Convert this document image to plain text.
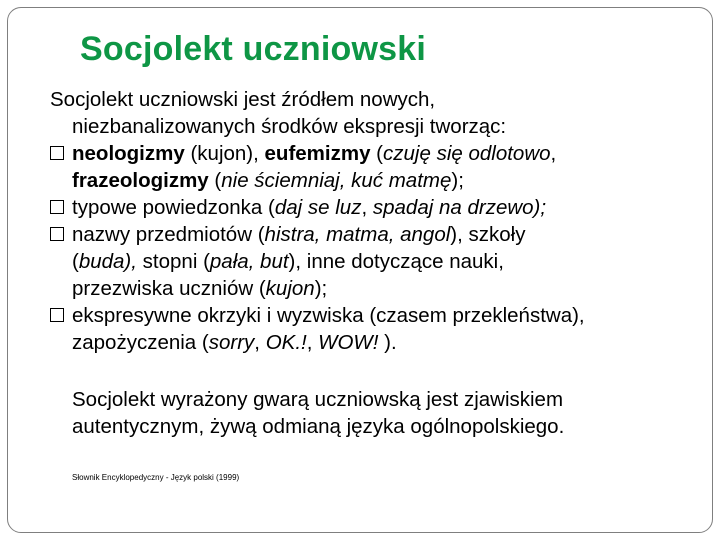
Socjolekt uczniowski
Socjolekt uczniowski jest źródłem nowych,
niezbanalizowanych środków ekspresji tworząc:
neologizmy (kujon), eufemizmy (czuję się odlotowo,
frazeologizmy (nie ściemniaj, kuć matmę);
typowe powiedzonka (daj se luz, spadaj na drzewo);
nazwy przedmiotów (histra, matma, angol), szkoły
(buda), stopni (pała, but), inne dotyczące nauki,
przezwiska uczniów (kujon);
ekspresywne okrzyki i wyzwiska (czasem przekleństwa),
zapożyczenia (sorry, OK.!, WOW! ).
Socjolekt wyrażony gwarą uczniowską jest zjawiskiem
autentycznym, żywą odmianą języka ogólnopolskiego.
Słownik Encyklopedyczny - Język polski (1999)
